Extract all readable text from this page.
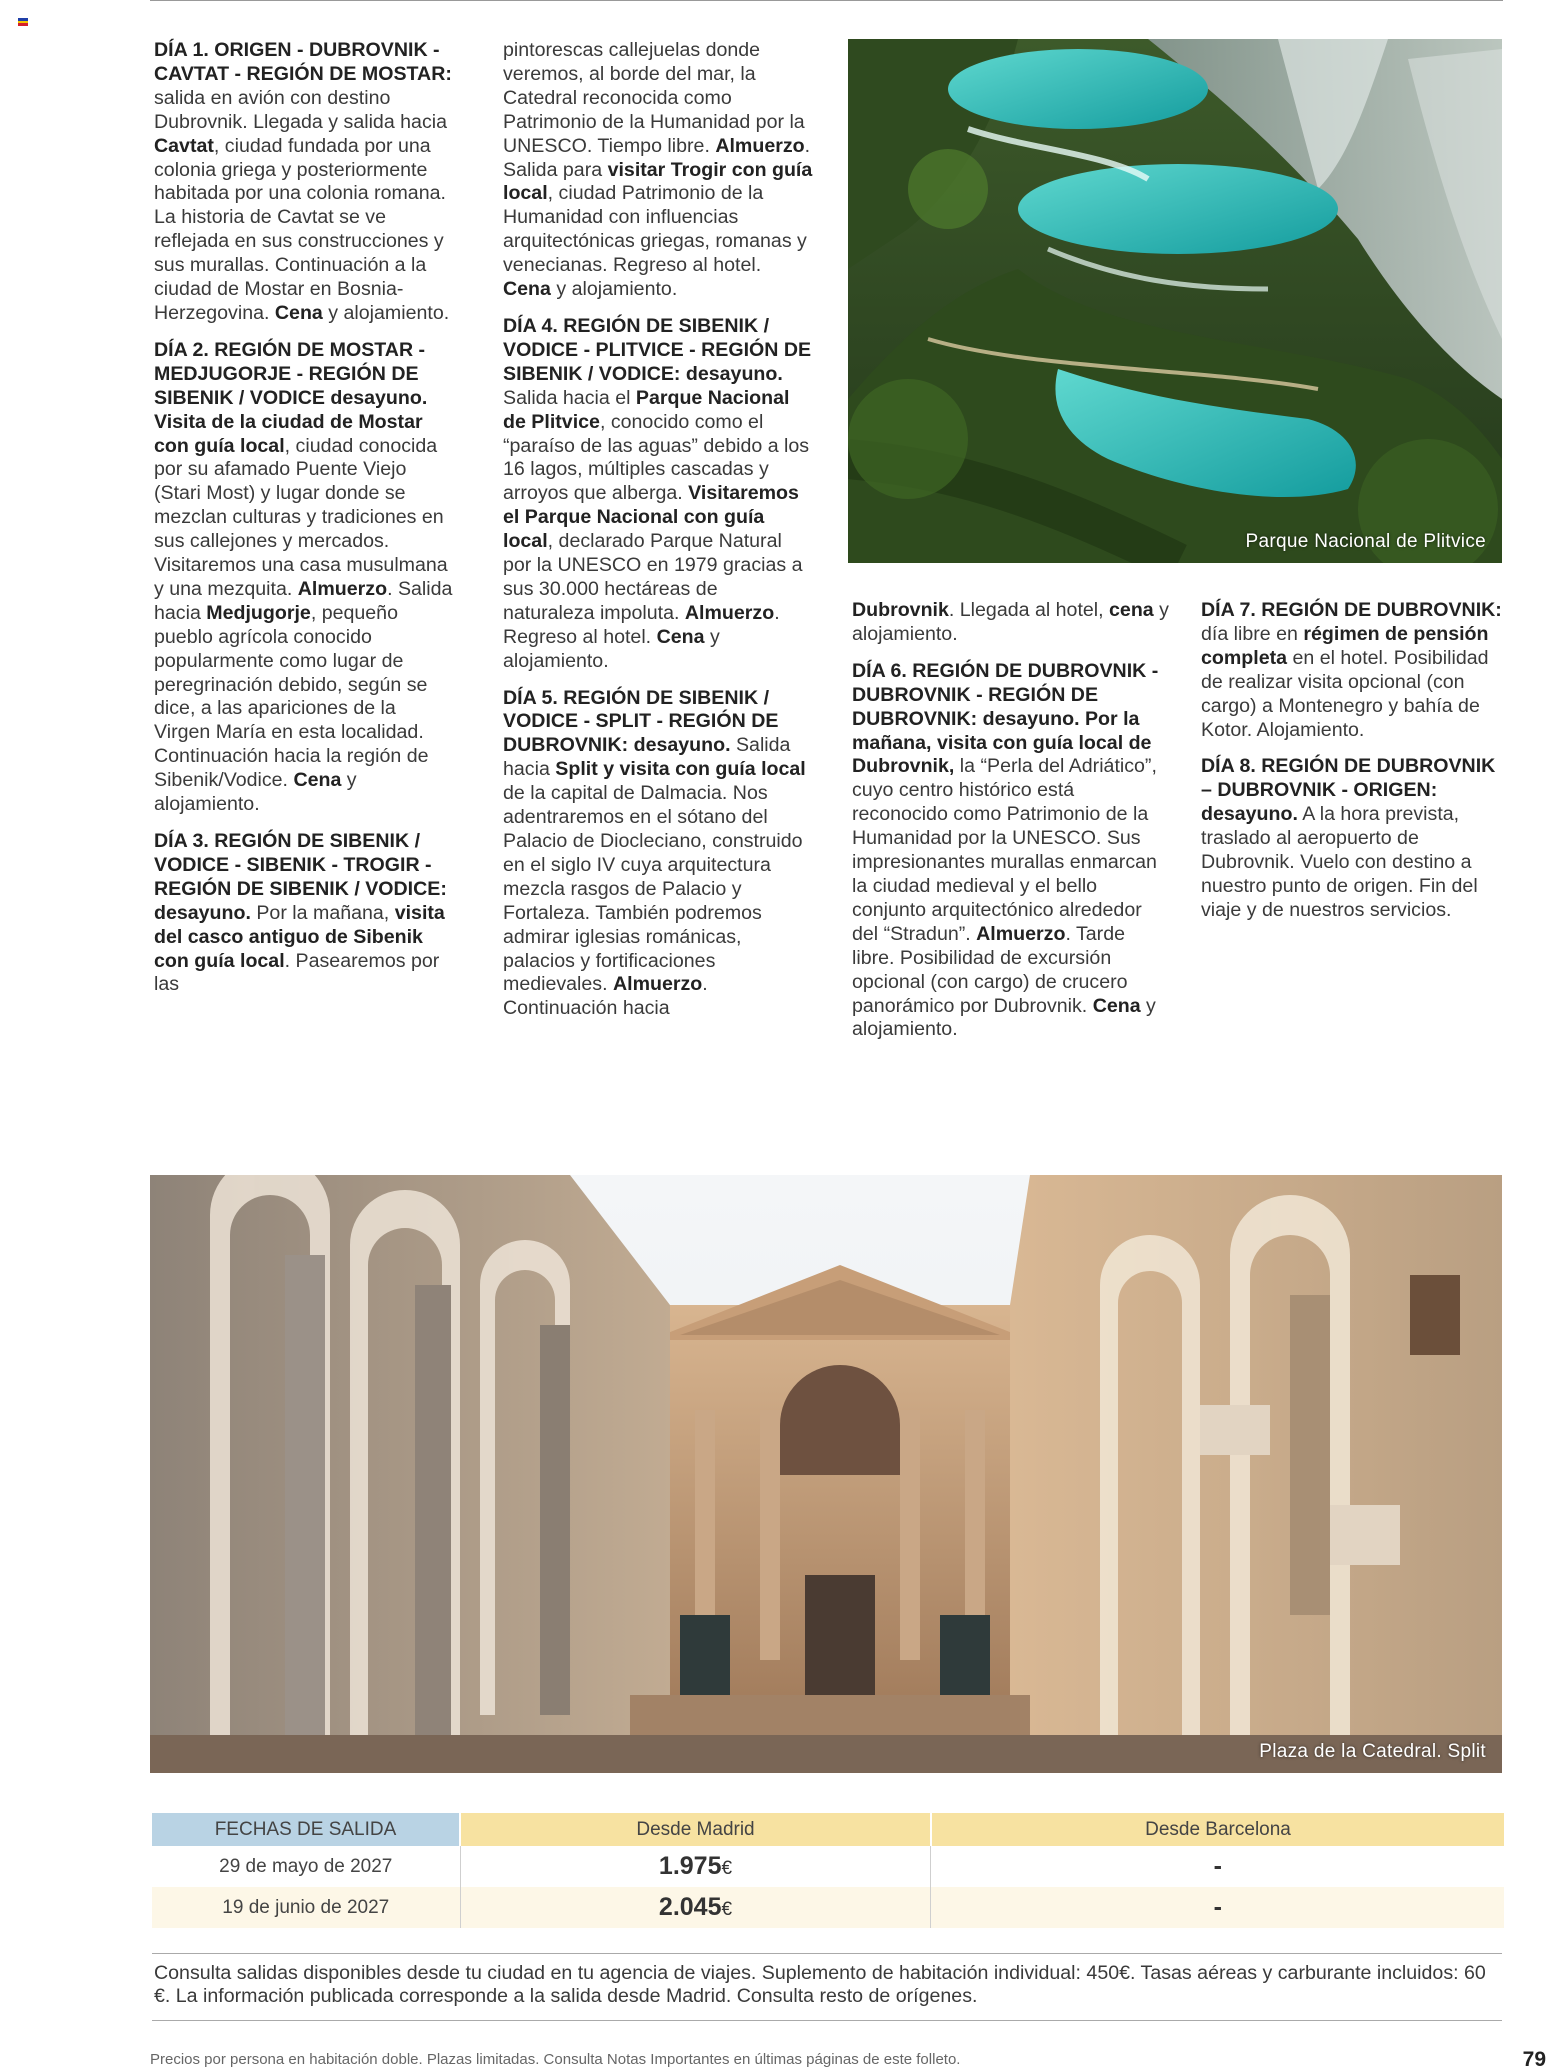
DÍA 1. ORIGEN - DUBROVNIK - CAVTAT - REGIÓN DE MOSTAR: salida en avión con destino Dubrovnik. Llegada y salida hacia Cavtat, ciudad fundada por una colonia griega y posteriormente habitada por una colonia romana. La historia de Cavtat se ve reflejada en sus construcciones y sus murallas. Continuación a la ciudad de Mostar en Bosnia-Herzegovina. Cena y alojamiento.

DÍA 2. REGIÓN DE MOSTAR - MEDJUGORJE - REGIÓN DE SIBENIK / VODICE desayuno. Visita de la ciudad de Mostar con guía local, ciudad conocida por su afamado Puente Viejo (Stari Most) y lugar donde se mezclan culturas y tradiciones en sus callejones y mercados. Visitaremos una casa musulmana y una mezquita. Almuerzo. Salida hacia Medjugorje, pequeño pueblo agrícola conocido popularmente como lugar de peregrinación debido, según se dice, a las apariciones de la Virgen María en esta localidad. Continuación hacia la región de Sibenik/Vodice. Cena y alojamiento.

DÍA 3. REGIÓN DE SIBENIK / VODICE - SIBENIK - TROGIR - REGIÓN DE SIBENIK / VODICE: desayuno. Por la mañana, visita del casco antiguo de Sibenik con guía local. Pasearemos por las

pintorescas callejuelas donde veremos, al borde del mar, la Catedral reconocida como Patrimonio de la Humanidad por la UNESCO. Tiempo libre. Almuerzo. Salida para visitar Trogir con guía local, ciudad Patrimonio de la Humanidad con influencias arquitectónicas griegas, romanas y venecianas. Regreso al hotel. Cena y alojamiento.

DÍA 4. REGIÓN DE SIBENIK / VODICE - PLITVICE - REGIÓN DE SIBENIK / VODICE: desayuno. Salida hacia el Parque Nacional de Plitvice, conocido como el “paraíso de las aguas” debido a los 16 lagos, múltiples cascadas y arroyos que alberga. Visitaremos el Parque Nacional con guía local, declarado Parque Natural por la UNESCO en 1979 gracias a sus 30.000 hectáreas de naturaleza impoluta. Almuerzo. Regreso al hotel. Cena y alojamiento.

DÍA 5. REGIÓN DE SIBENIK / VODICE - SPLIT - REGIÓN DE DUBROVNIK: desayuno. Salida hacia Split y visita con guía local de la capital de Dalmacia. Nos adentraremos en el sótano del Palacio de Diocleciano, construido en el siglo IV cuya arquitectura mezcla rasgos de Palacio y Fortaleza. También podremos admirar iglesias románicas, palacios y fortificaciones medievales. Almuerzo. Continuación hacia

Dubrovnik. Llegada al hotel, cena y alojamiento.

DÍA 6. REGIÓN DE DUBROVNIK - DUBROVNIK - REGIÓN DE DUBROVNIK: desayuno. Por la mañana, visita con guía local de Dubrovnik, la “Perla del Adriático”, cuyo centro histórico está reconocido como Patrimonio de la Humanidad por la UNESCO. Sus impresionantes murallas enmarcan la ciudad medieval y el bello conjunto arquitectónico alrededor del “Stradun”. Almuerzo. Tarde libre. Posibilidad de excursión opcional (con cargo) de crucero panorámico por Dubrovnik. Cena y alojamiento.

DÍA 7. REGIÓN DE DUBROVNIK: día libre en régimen de pensión completa en el hotel. Posibilidad de realizar visita opcional (con cargo) a Montenegro y bahía de Kotor. Alojamiento.

DÍA 8. REGIÓN DE DUBROVNIK – DUBROVNIK - ORIGEN: desayuno. A la hora prevista, traslado al aeropuerto de Dubrovnik. Vuelo con destino a nuestro punto de origen. Fin del viaje y de nuestros servicios.

Parque Nacional de Plitvice
Plaza de la Catedral. Split
FECHAS DE SALIDA	Desde Madrid	Desde Barcelona
29 de mayo de 2027	1.975€	-
19 de junio de 2027	2.045€	-
Consulta salidas disponibles desde tu ciudad en tu agencia de viajes. Suplemento de habitación individual: 450€. Tasas aéreas y carburante incluidos: 60 €. La información publicada corresponde a la salida desde Madrid. Consulta resto de orígenes.
Precios por persona en habitación doble. Plazas limitadas. Consulta Notas Importantes en últimas páginas de este folleto.	79
